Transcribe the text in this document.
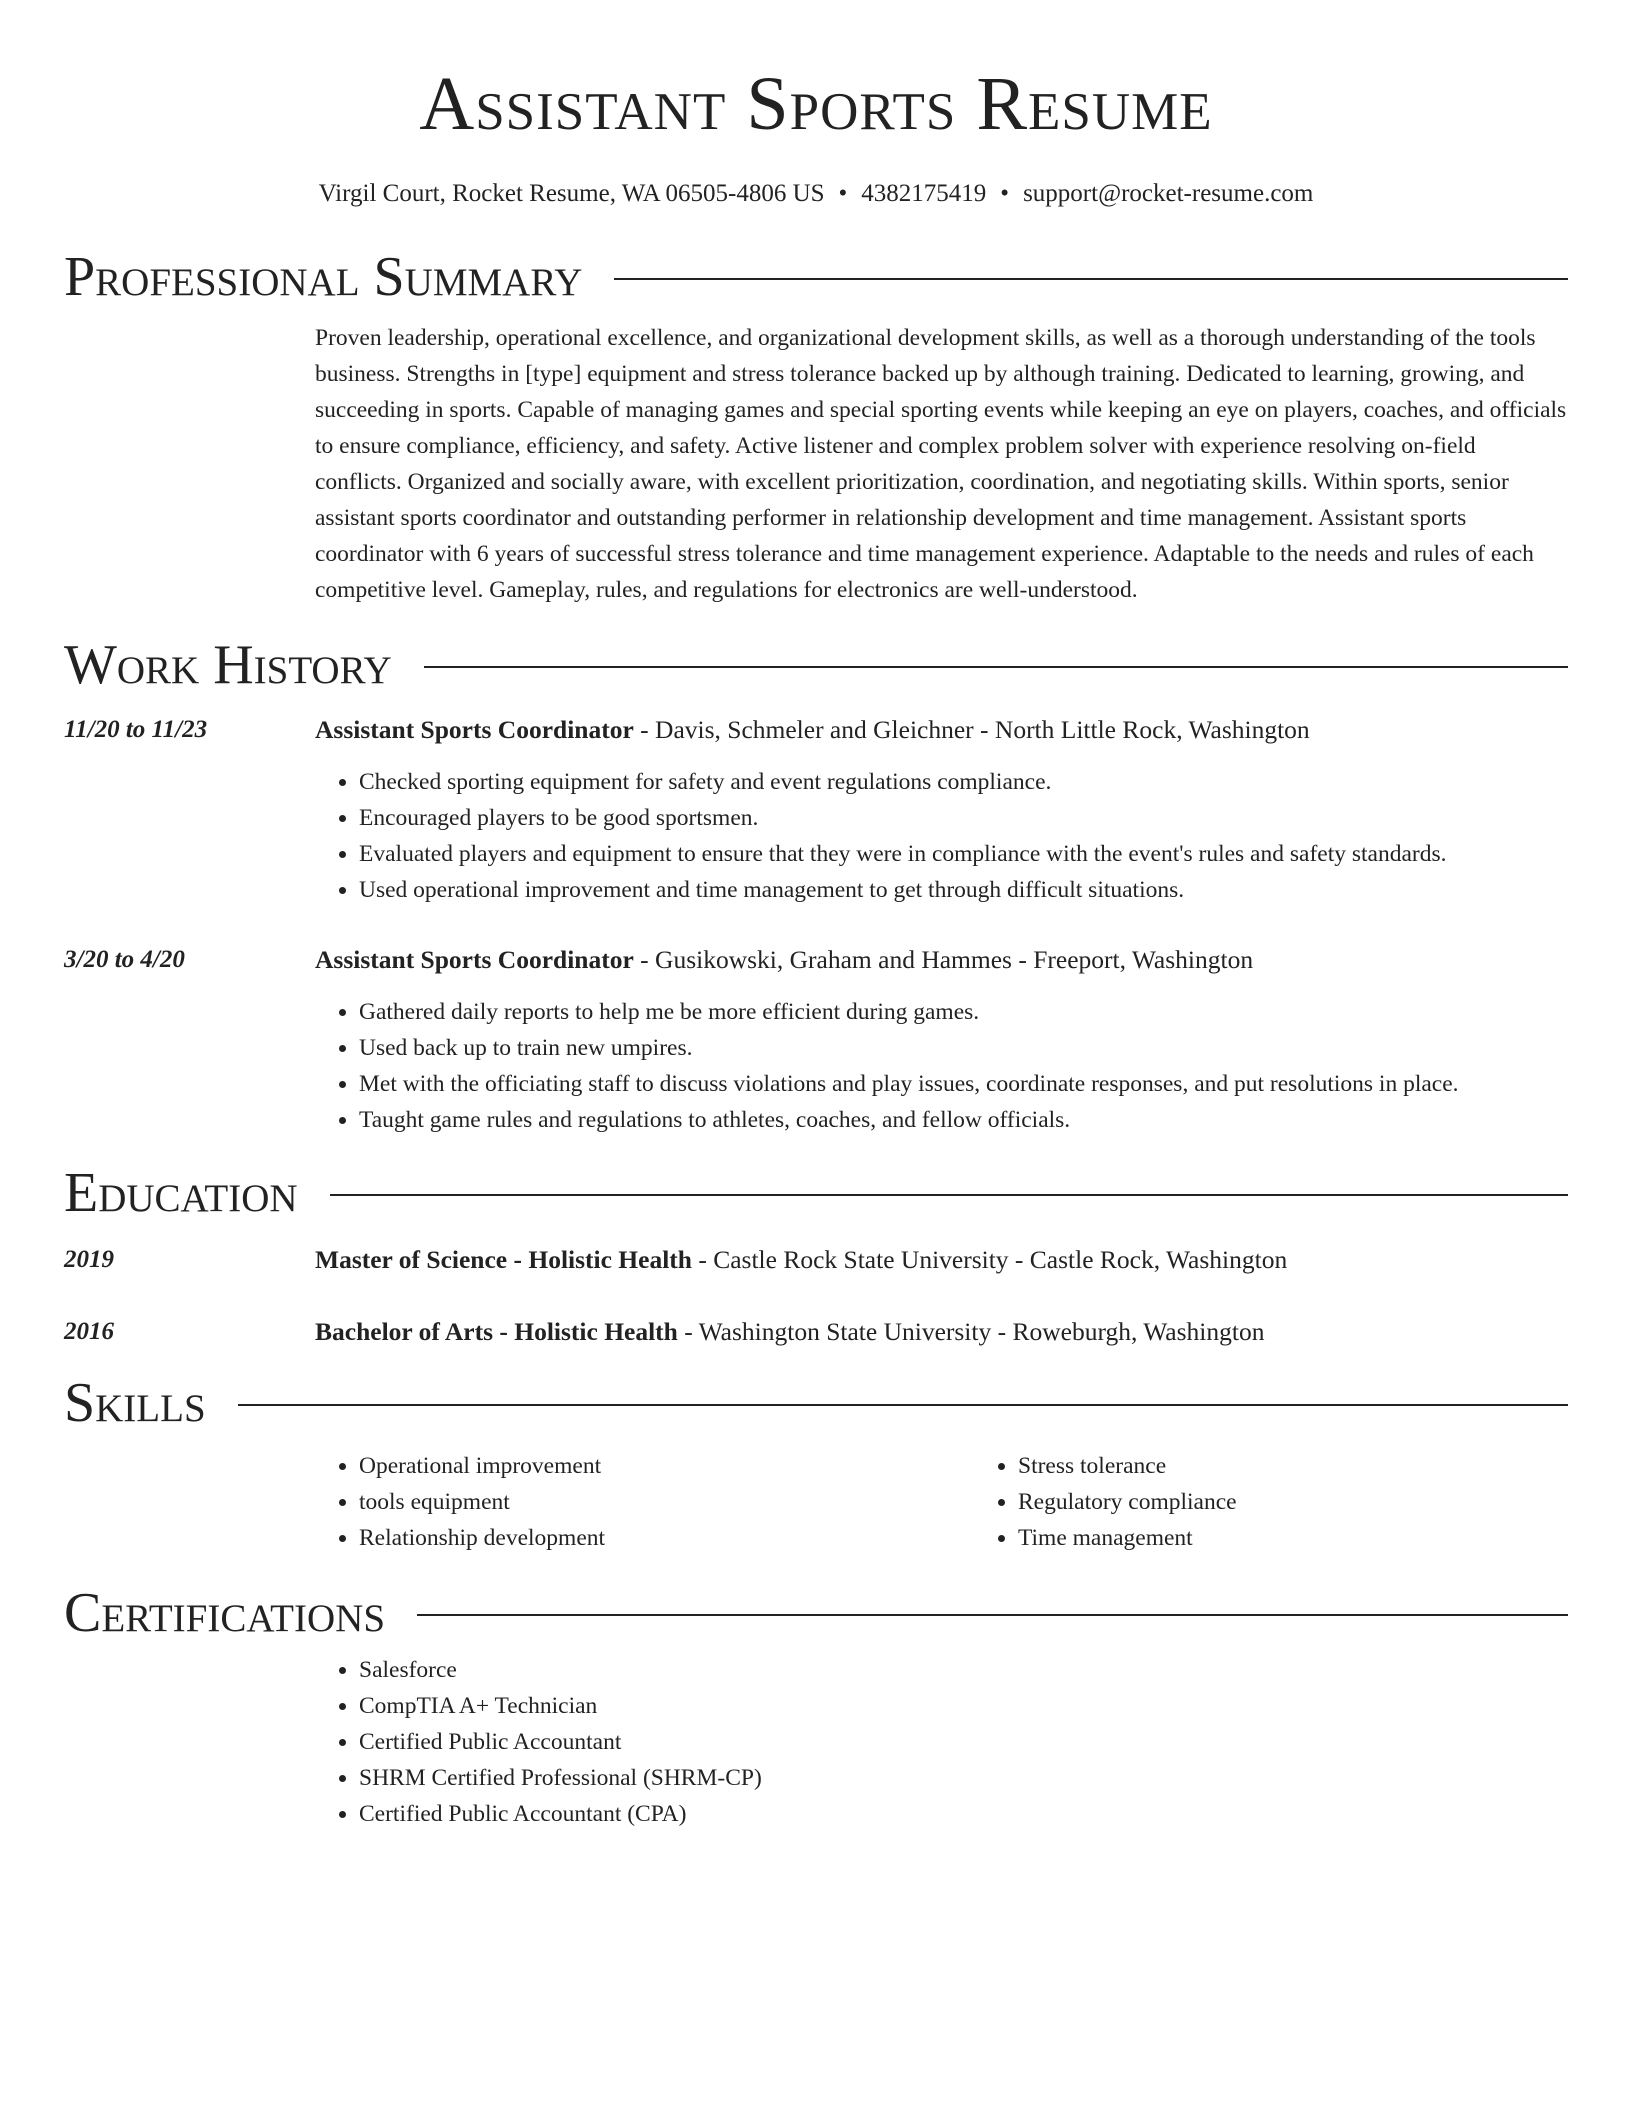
Assistant Sports Resume
Virgil Court, Rocket Resume, WA 06505-4806 US • 4382175419 • support@rocket-resume.com
Professional Summary
Proven leadership, operational excellence, and organizational development skills, as well as a thorough understanding of the tools business. Strengths in [type] equipment and stress tolerance backed up by although training. Dedicated to learning, growing, and succeeding in sports. Capable of managing games and special sporting events while keeping an eye on players, coaches, and officials to ensure compliance, efficiency, and safety. Active listener and complex problem solver with experience resolving on-field conflicts. Organized and socially aware, with excellent prioritization, coordination, and negotiating skills. Within sports, senior assistant sports coordinator and outstanding performer in relationship development and time management. Assistant sports coordinator with 6 years of successful stress tolerance and time management experience. Adaptable to the needs and rules of each competitive level. Gameplay, rules, and regulations for electronics are well-understood.
Work History
11/20 to 11/23	Assistant Sports Coordinator - Davis, Schmeler and Gleichner - North Little Rock, Washington
• Checked sporting equipment for safety and event regulations compliance.
• Encouraged players to be good sportsmen.
• Evaluated players and equipment to ensure that they were in compliance with the event's rules and safety standards.
• Used operational improvement and time management to get through difficult situations.
3/20 to 4/20	Assistant Sports Coordinator - Gusikowski, Graham and Hammes - Freeport, Washington
• Gathered daily reports to help me be more efficient during games.
• Used back up to train new umpires.
• Met with the officiating staff to discuss violations and play issues, coordinate responses, and put resolutions in place.
• Taught game rules and regulations to athletes, coaches, and fellow officials.
Education
2019	Master of Science - Holistic Health - Castle Rock State University - Castle Rock, Washington
2016	Bachelor of Arts - Holistic Health - Washington State University - Roweburgh, Washington
Skills
• Operational improvement
• tools equipment
• Relationship development
• Stress tolerance
• Regulatory compliance
• Time management
Certifications
• Salesforce
• CompTIA A+ Technician
• Certified Public Accountant
• SHRM Certified Professional (SHRM-CP)
• Certified Public Accountant (CPA)
